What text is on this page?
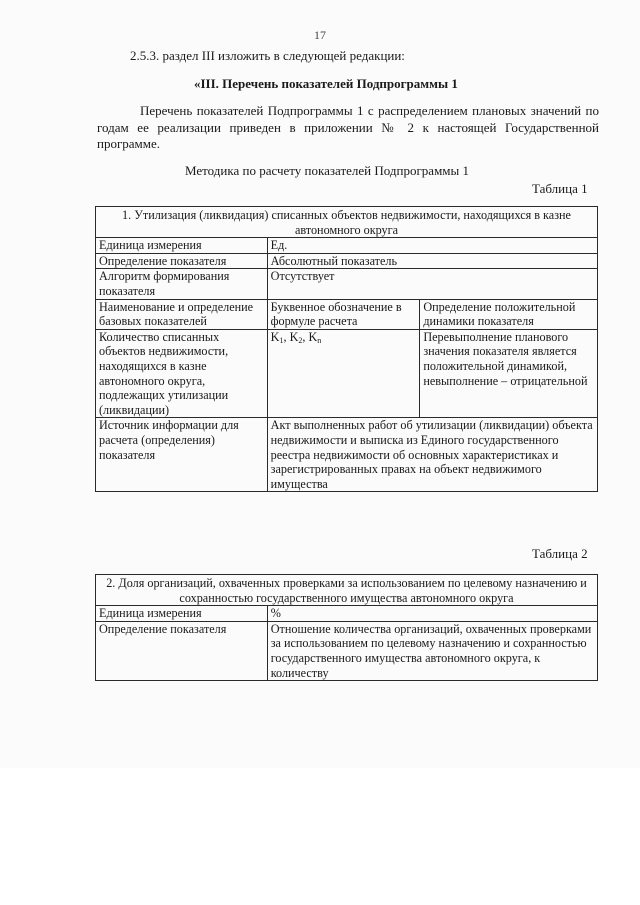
17
2.5.3. раздел III изложить в следующей редакции:
«III. Перечень показателей Подпрограммы 1
Перечень показателей Подпрограммы 1 с распределением плановых значений по годам ее реализации приведен в приложении № 2 к настоящей Государственной программе.
Методика по расчету показателей Подпрограммы 1
Таблица 1
1. Утилизация (ликвидация) списанных объектов недвижимости, находящихся в казне автономного округа		
Единица измерения	Ед.	
Определение показателя	Абсолютный показатель	
Алгоритм формирования показателя	Отсутствует	
Наименование и определение базовых показателей	Буквенное обозначение в формуле расчета	Определение положительной динамики показателя
Количество списанных объектов недвижимости, находящихся в казне автономного округа, подлежащих утилизации (ликвидации)	$K_1$, $K_2$, $K_n$	Перевыполнение планового значения показателя является положительной динамикой, невыполнение – отрицательной
Источник информации для расчета (определения) показателя	Акт выполненных работ об утилизации (ликвидации) объекта недвижимости и выписка из Единого государственного реестра недвижимости об основных характеристиках и зарегистрированных правах на объект недвижимого имущества	
Таблица 2
2. Доля организаций, охваченных проверками за использованием по целевому назначению и сохранностью государственного имущества автономного округа	
Единица измерения	%
Определение показателя	Отношение количества организаций, охваченных проверками за использованием по целевому назначению и сохранностью государственного имущества автономного округа, к количеству
